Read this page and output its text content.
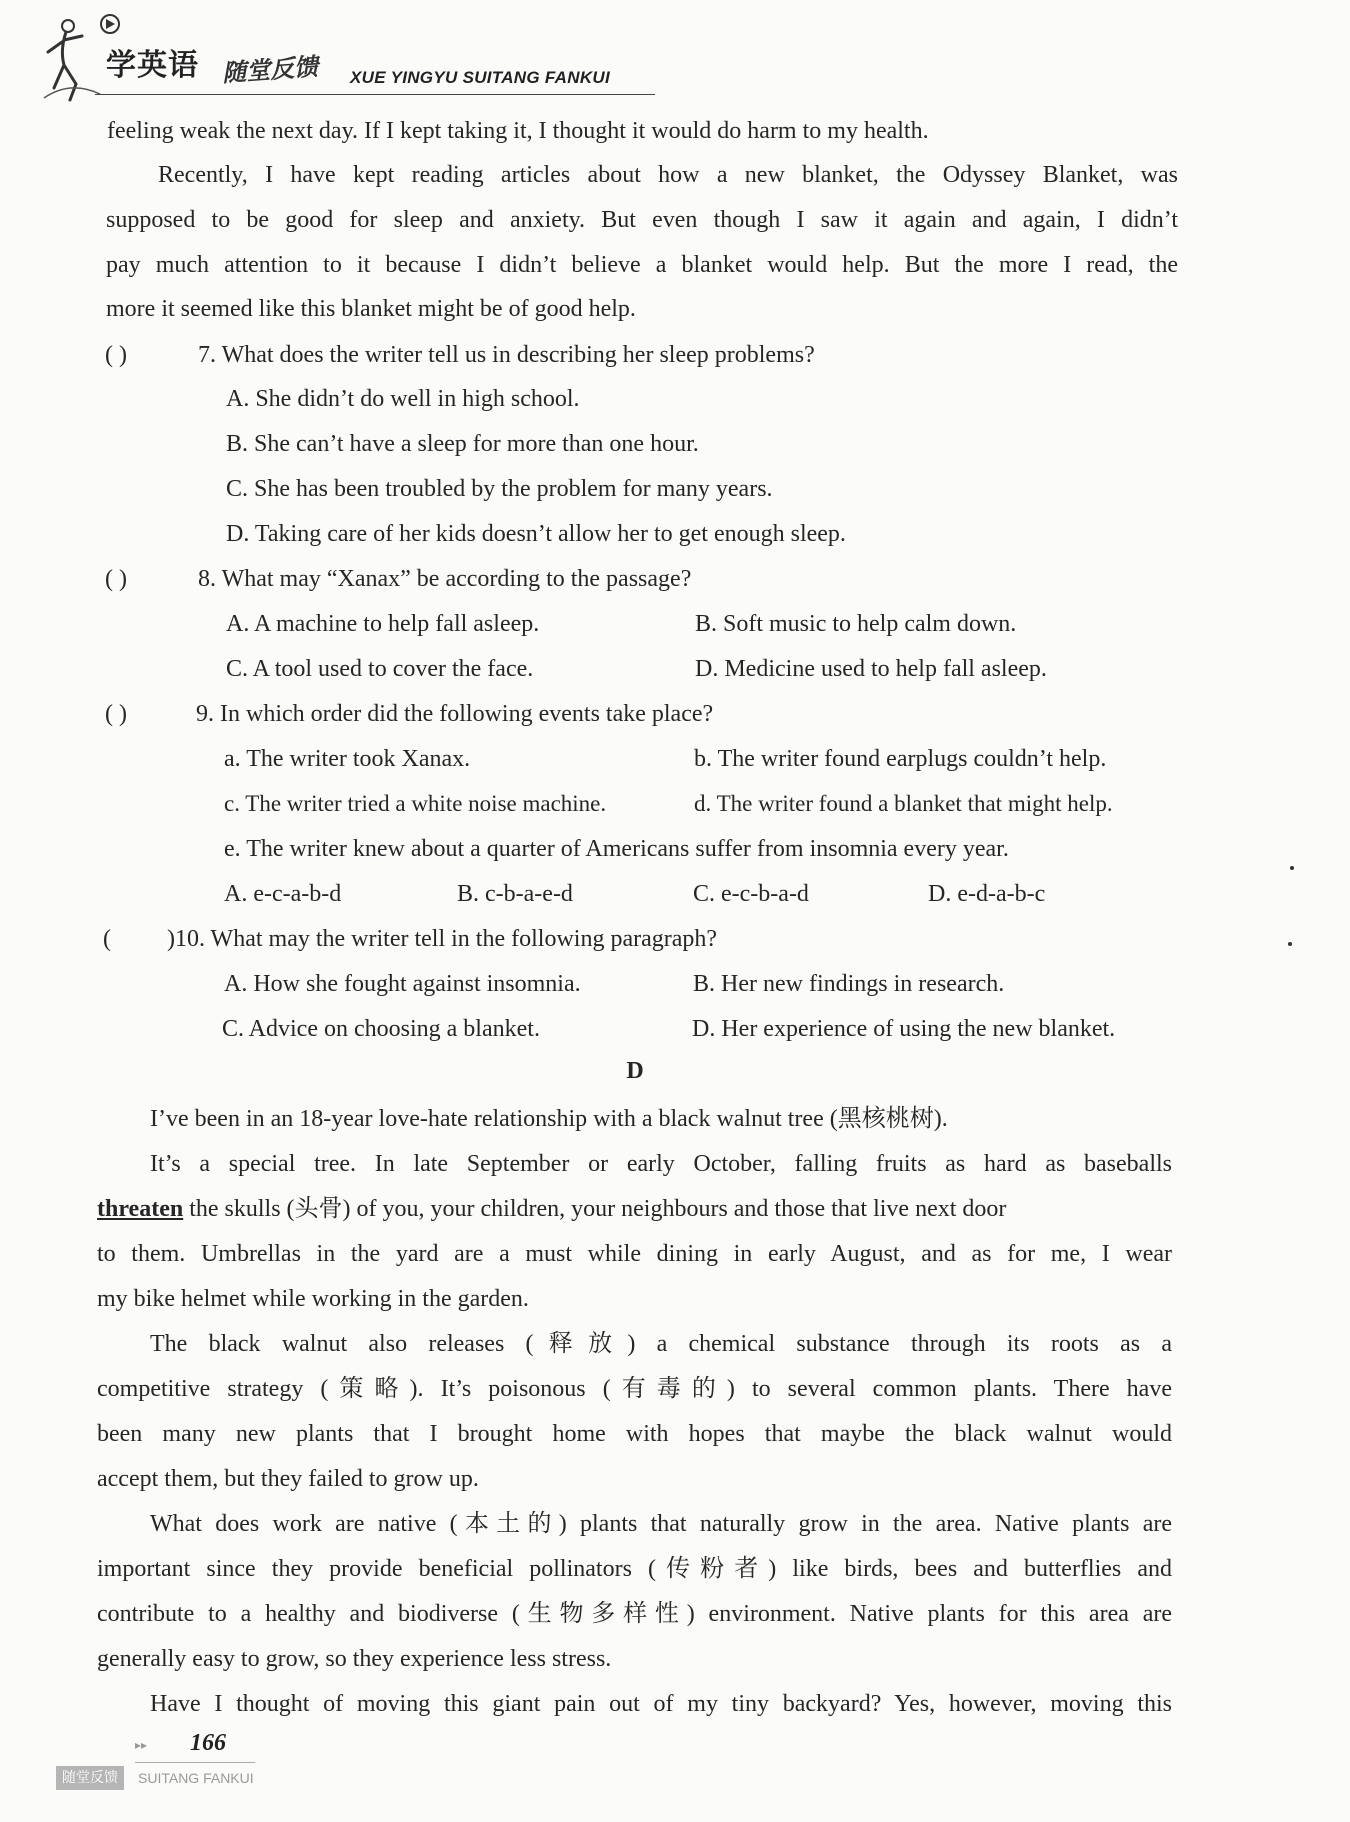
学英语 随堂反馈 XUE YINGYU SUITANG FANKUI
feeling weak the next day. If I kept taking it, I thought it would do harm to my health.
Recently, I have kept reading articles about how a new blanket, the Odyssey Blanket, was
supposed to be good for sleep and anxiety. But even though I saw it again and again, I didn’t
pay much attention to it because I didn’t believe a blanket would help. But the more I read, the
more it seemed like this blanket might be of good help.
( )	7. What does the writer tell us in describing her sleep problems?
A. She didn’t do well in high school.
B. She can’t have a sleep for more than one hour.
C. She has been troubled by the problem for many years.
D. Taking care of her kids doesn’t allow her to get enough sleep.
( )	8. What may “Xanax” be according to the passage?
A. A machine to help fall asleep.	B. Soft music to help calm down.
C. A tool used to cover the face.	D. Medicine used to help fall asleep.
( )	9. In which order did the following events take place?
a. The writer took Xanax.	b. The writer found earplugs couldn’t help.
c. The writer tried a white noise machine.	d. The writer found a blanket that might help.
e. The writer knew about a quarter of Americans suffer from insomnia every year.
A. e-c-a-b-d	B. c-b-a-e-d	C. e-c-b-a-d	D. e-d-a-b-c
( )10. What may the writer tell in the following paragraph?
A. How she fought against insomnia.	B. Her new findings in research.
C. Advice on choosing a blanket.	D. Her experience of using the new blanket.
D
I’ve been in an 18-year love-hate relationship with a black walnut tree (黑核桃树).
It’s a special tree. In late September or early October, falling fruits as hard as baseballs
threaten the skulls (头骨) of you, your children, your neighbours and those that live next door
to them. Umbrellas in the yard are a must while dining in early August, and as for me, I wear
my bike helmet while working in the garden.
The black walnut also releases (释放) a chemical substance through its roots as a
competitive strategy (策略). It’s poisonous (有毒的) to several common plants. There have
been many new plants that I brought home with hopes that maybe the black walnut would
accept them, but they failed to grow up.
What does work are native (本土的) plants that naturally grow in the area. Native plants are
important since they provide beneficial pollinators (传粉者) like birds, bees and butterflies and
contribute to a healthy and biodiverse (生物多样性) environment. Native plants for this area are
generally easy to grow, so they experience less stress.
Have I thought of moving this giant pain out of my tiny backyard? Yes, however, moving this
▸▸ 166
随堂反馈	SUITANG FANKUI
